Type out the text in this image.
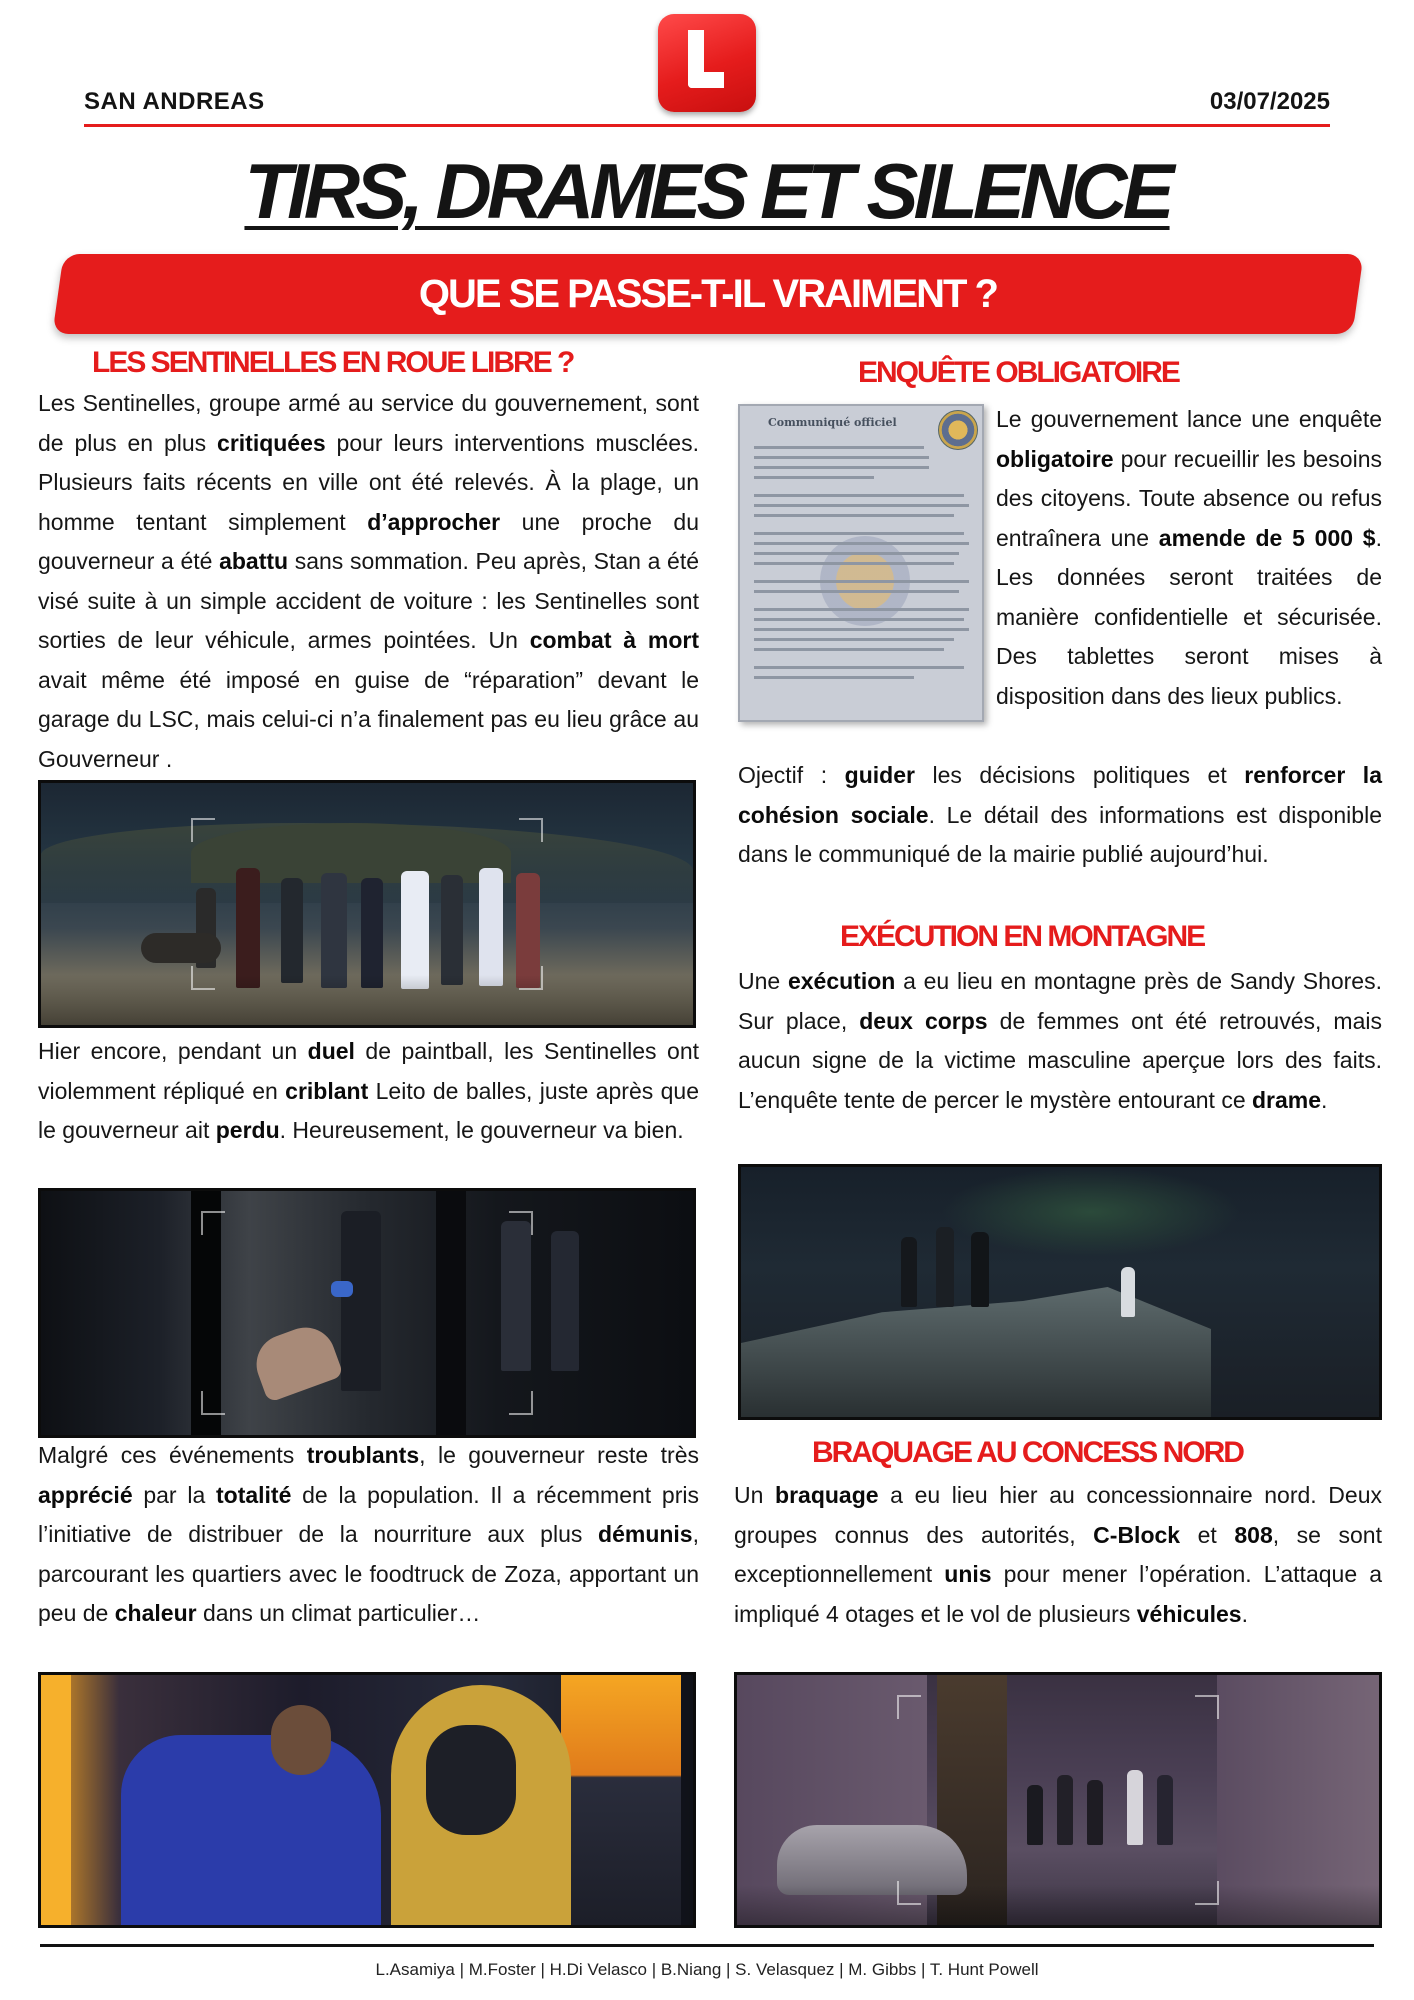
SAN ANDREAS	03/07/2025
TIRS, DRAMES ET SILENCE
QUE SE PASSE-T-IL VRAIMENT ?
LES SENTINELLES EN ROUE LIBRE ?
Les Sentinelles, groupe armé au service du gouvernement, sont de plus en plus critiquées pour leurs interventions musclées. Plusieurs faits récents en ville ont été relevés. À la plage, un homme tentant simplement d’approcher une proche du gouverneur a été abattu sans sommation. Peu après, Stan a été visé suite à un simple accident de voiture : les Sentinelles sont sorties de leur véhicule, armes pointées. Un combat à mort avait même été imposé en guise de “réparation” devant le garage du LSC, mais celui-ci n’a finalement pas eu lieu grâce au Gouverneur .
Hier encore, pendant un duel de paintball, les Sentinelles ont violemment répliqué en criblant Leito de balles, juste après que le gouverneur ait perdu. Heureusement, le gouverneur va bien.
Malgré ces événements troublants, le gouverneur reste très apprécié par la totalité de la population. Il a récemment pris l’initiative de distribuer de la nourriture aux plus démunis, parcourant les quartiers avec le foodtruck de Zoza, apportant un peu de chaleur dans un climat particulier…
ENQUÊTE OBLIGATOIRE
Communiqué officiel	Le gouvernement lance une enquête obligatoire pour recueillir les besoins des citoyens. Toute absence ou refus entraînera une amende de 5 000 $. Les données seront traitées de manière confidentielle et sécurisée. Des tablettes seront mises à disposition dans des lieux publics.
Ojectif : guider les décisions politiques et renforcer la cohésion sociale. Le détail des informations est disponible dans le communiqué de la mairie publié aujourd’hui.
EXÉCUTION EN MONTAGNE
Une exécution a eu lieu en montagne près de Sandy Shores. Sur place, deux corps de femmes ont été retrouvés, mais aucun signe de la victime masculine aperçue lors des faits. L’enquête tente de percer le mystère entourant ce drame.
BRAQUAGE AU CONCESS NORD
Un braquage a eu lieu hier au concessionnaire nord. Deux groupes connus des autorités, C-Block et 808, se sont exceptionnellement unis pour mener l’opération. L’attaque a impliqué 4 otages et le vol de plusieurs véhicules.
L.Asamiya | M.Foster | H.Di Velasco | B.Niang | S. Velasquez | M. Gibbs | T. Hunt Powell
